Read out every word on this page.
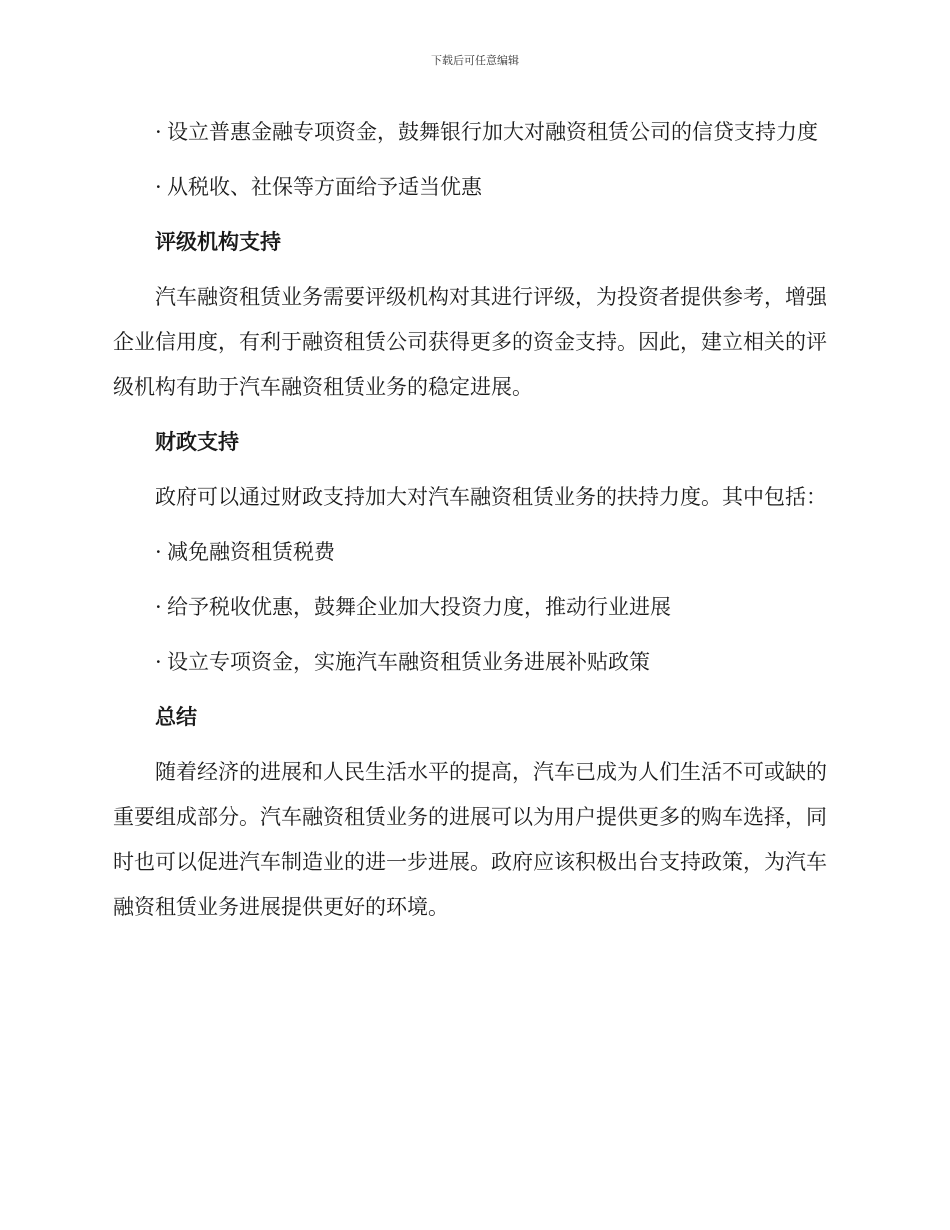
下载后可任意编辑
· 设立普惠金融专项资金，鼓舞银行加大对融资租赁公司的信贷支持力度
· 从税收、社保等方面给予适当优惠
评级机构支持
汽车融资租赁业务需要评级机构对其进行评级，为投资者提供参考，增强企业信用度，有利于融资租赁公司获得更多的资金支持。因此，建立相关的评级机构有助于汽车融资租赁业务的稳定进展。
财政支持
政府可以通过财政支持加大对汽车融资租赁业务的扶持力度。其中包括：
· 减免融资租赁税费
· 给予税收优惠，鼓舞企业加大投资力度，推动行业进展
· 设立专项资金，实施汽车融资租赁业务进展补贴政策
总结
随着经济的进展和人民生活水平的提高，汽车已成为人们生活不可或缺的重要组成部分。汽车融资租赁业务的进展可以为用户提供更多的购车选择，同时也可以促进汽车制造业的进一步进展。政府应该积极出台支持政策，为汽车融资租赁业务进展提供更好的环境。
